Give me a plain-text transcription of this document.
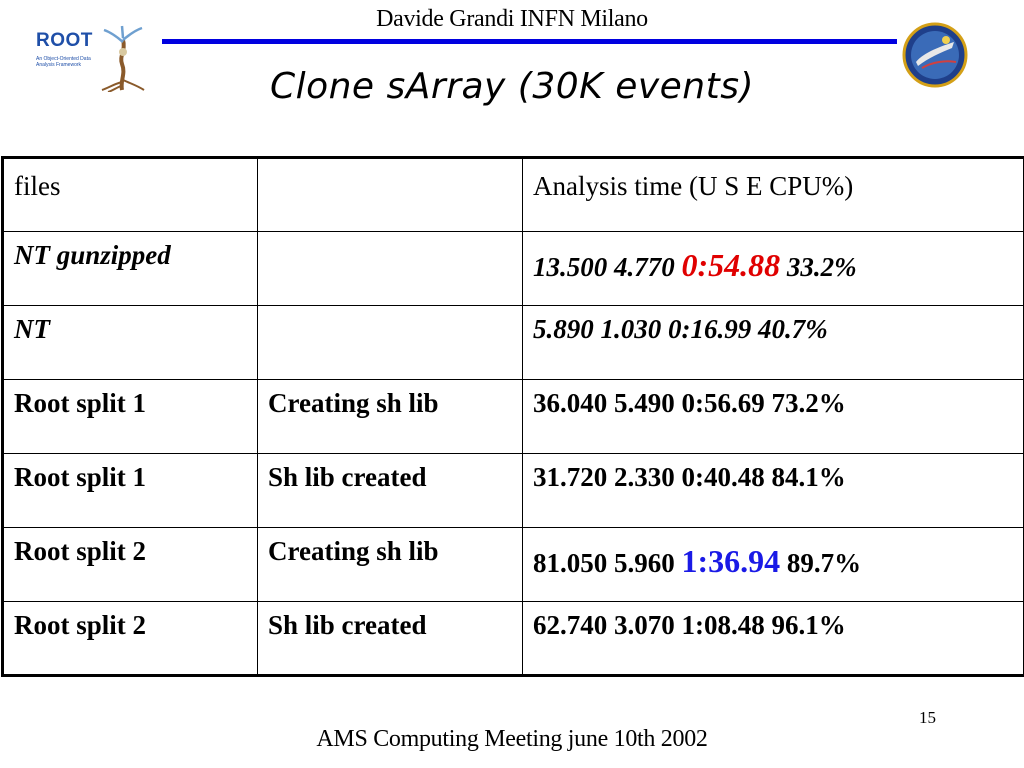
Davide Grandi INFN Milano
ROOT
An Object-Oriented Data Analysis Framework
Clone sArray (30K events)
files		Analysis time (U S E CPU%)
NT gunzipped		13.500 4.770 0:54.88 33.2%
NT		5.890 1.030 0:16.99 40.7%
Root split 1	Creating sh lib	36.040 5.490 0:56.69 73.2%
Root split 1	Sh lib created	31.720 2.330 0:40.48 84.1%
Root split 2	Creating sh lib	81.050 5.960 1:36.94 89.7%
Root split 2	Sh lib created	62.740 3.070 1:08.48 96.1%
15
AMS Computing Meeting june 10th 2002
